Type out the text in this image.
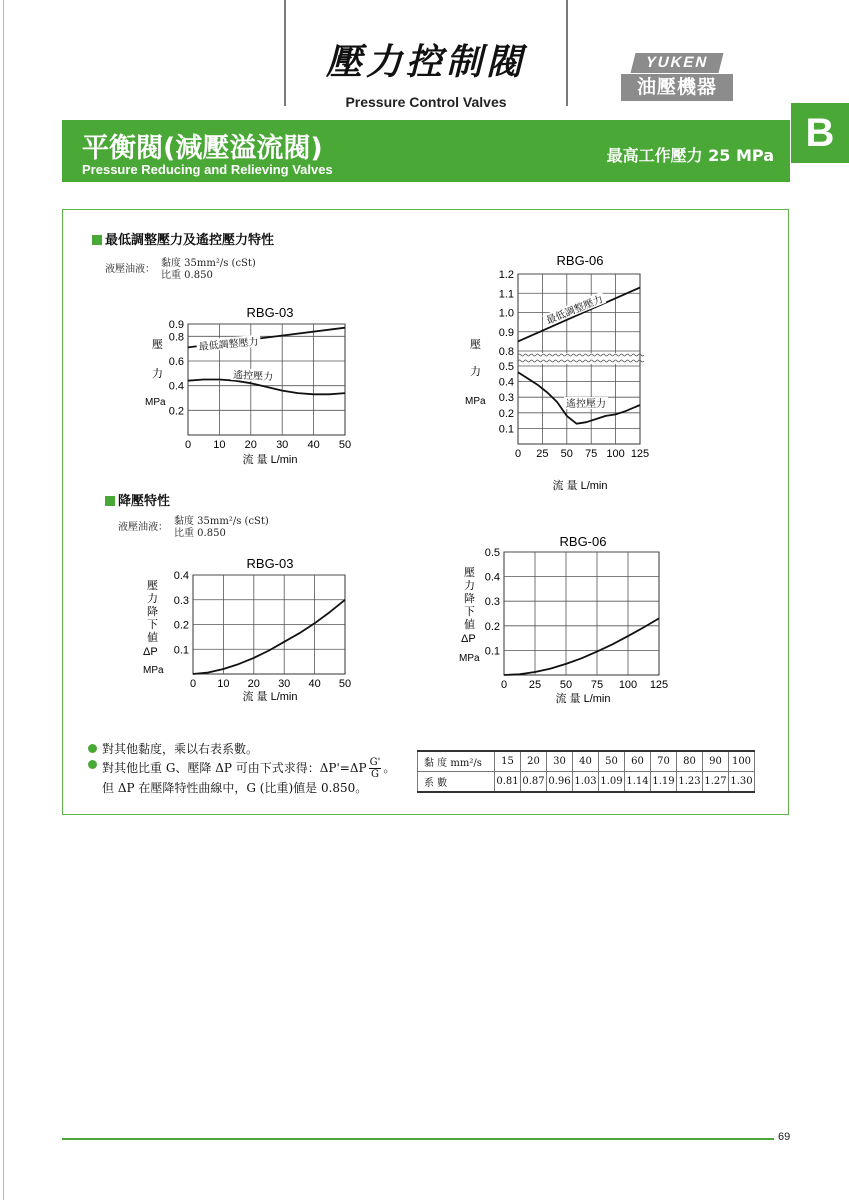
壓力控制閥
Pressure Control Valves
YUKEN
油壓機器
B
平衡閥(減壓溢流閥)
Pressure Reducing and Relieving Valves
最高工作壓力 25 MPa
最低調整壓力及遙控壓力特性
液壓油液：
黏度 35mm²/s (cSt)
比重 0.850
降壓特性
液壓油液：
黏度 35mm²/s (cSt)
比重 0.850
RBG-03
最低調整壓力
遙控壓力
0 10 20 30 40 50
0.2
0.4
0.6
0.8
0.9
壓
力
MPa
流 量 L/min
RBG-06
最低調整壓力
遙控壓力
0 25 50 75 100 125
0.8
0.9
1.0
1.1
1.2
0.1
0.2
0.3
0.4
0.5
壓
力
MPa
流 量 L/min
RBG-03
0 10 20 30 40 50
0.1
0.2
0.3
0.4
壓
力
降
下
値
ΔP
MPa
流 量 L/min
RBG-06
0 25 50 75 100 125
0.1
0.2
0.3
0.4
0.5
壓
力
降
下
値
ΔP
MPa
流 量 L/min
對其他黏度，乘以右表系數。
對其他比重 G、壓降 ΔP 可由下式求得：$\Delta P'=\Delta P \frac{G'}{G}$ 。
但 ΔP 在壓降特性曲線中，G (比重)値是 0.850。
黏 度 mm²/s	15	20	30	40	50	60	70	80	90	100
系 數	0.81	0.87	0.96	1.03	1.09	1.14	1.19	1.23	1.27	1.30
69
